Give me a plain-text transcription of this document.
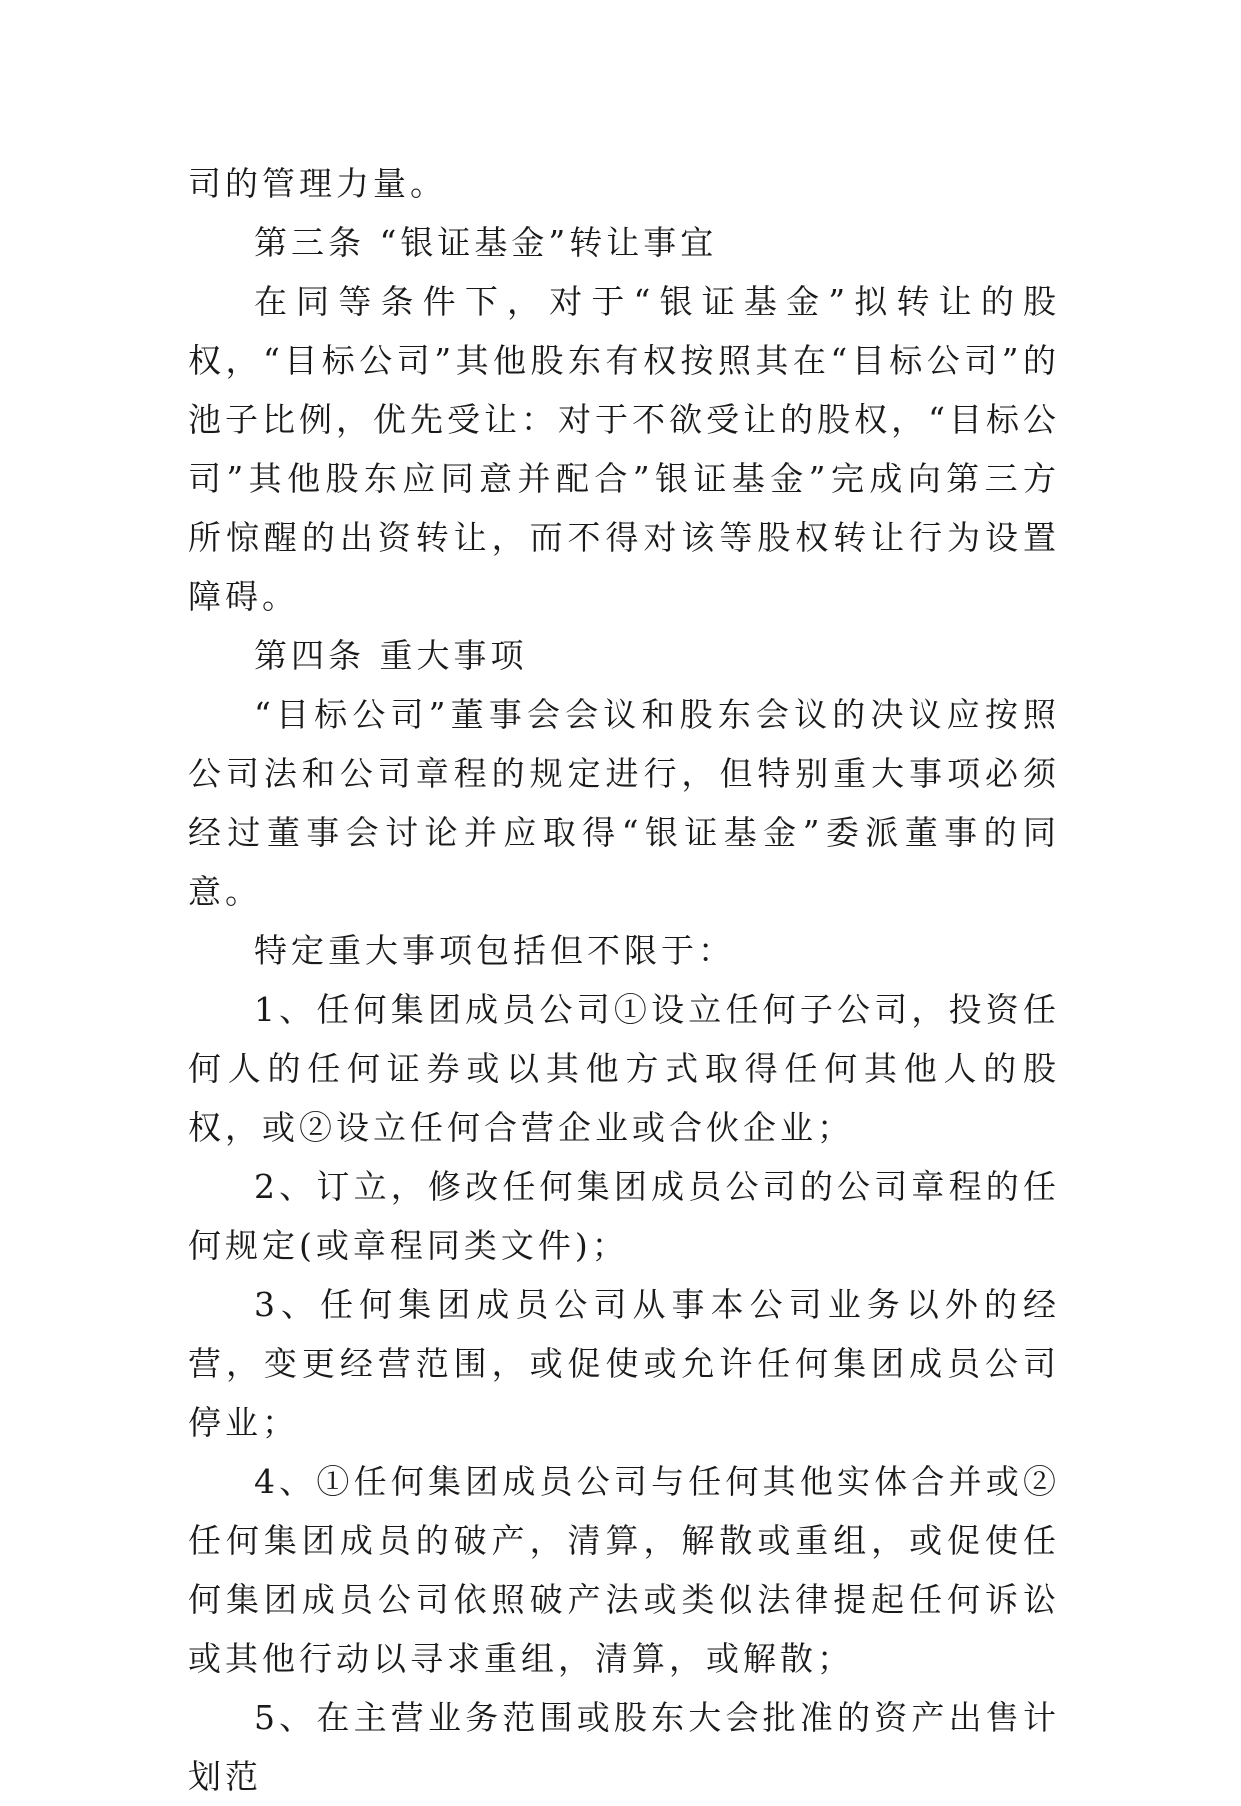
司的管理力量。

第三条 “银证基金”转让事宜

在同等条件下，对于“银证基金”拟转让的股权，“目标公司”其他股东有权按照其在“目标公司”的池子比例，优先受让：对于不欲受让的股权，“目标公司”其他股东应同意并配合”银证基金”完成向第三方所惊醒的出资转让，而不得对该等股权转让行为设置障碍。

第四条 重大事项

“目标公司”董事会会议和股东会议的决议应按照公司法和公司章程的规定进行，但特别重大事项必须经过董事会讨论并应取得“银证基金”委派董事的同意。

特定重大事项包括但不限于：

1、任何集团成员公司①设立任何子公司，投资任何人的任何证券或以其他方式取得任何其他人的股权，或②设立任何合营企业或合伙企业；

2、订立，修改任何集团成员公司的公司章程的任何规定(或章程同类文件)；

3、任何集团成员公司从事本公司业务以外的经营，变更经营范围，或促使或允许任何集团成员公司停业；

4、①任何集团成员公司与任何其他实体合并或②任何集团成员的破产，清算，解散或重组，或促使任何集团成员公司依照破产法或类似法律提起任何诉讼或其他行动以寻求重组，清算，或解散；

5、在主营业务范围或股东大会批准的资产出售计划范
